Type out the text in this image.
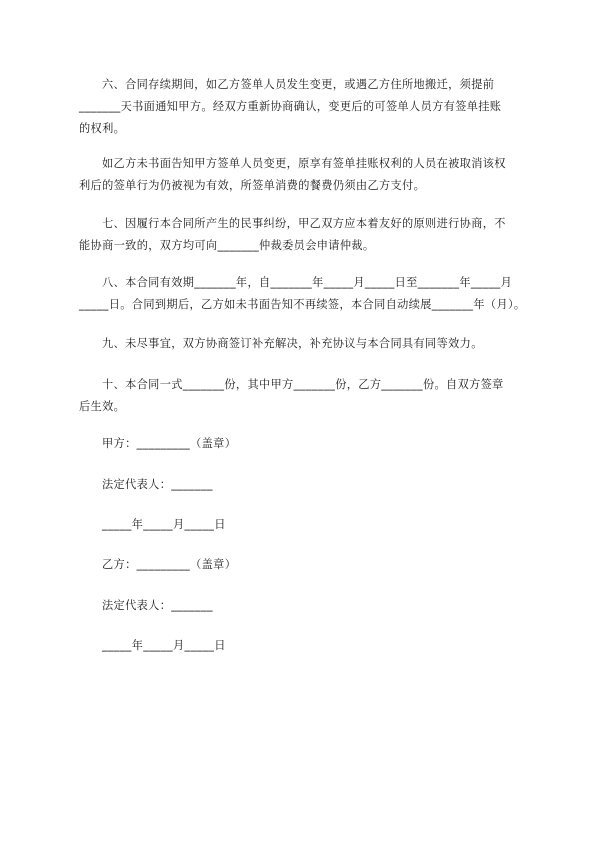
六、合同存续期间，如乙方签单人员发生变更，或遇乙方住所地搬迁，须提前
_______天书面通知甲方。经双方重新协商确认，变更后的可签单人员方有签单挂账
的权利。
如乙方未书面告知甲方签单人员变更，原享有签单挂账权利的人员在被取消该权
利后的签单行为仍被视为有效，所签单消费的餐费仍须由乙方支付。
七、因履行本合同所产生的民事纠纷，甲乙双方应本着友好的原则进行协商，不
能协商一致的，双方均可向_______仲裁委员会申请仲裁。
八、本合同有效期_______年，自_______年_____月_____日至_______年_____月
_____日。合同到期后，乙方如未书面告知不再续签，本合同自动续展_______年（月）。
九、未尽事宜，双方协商签订补充解决，补充协议与本合同具有同等效力。
十、本合同一式_______份，其中甲方_______份，乙方_______份。自双方签章
后生效。
甲方：_________（盖章）
法定代表人：_______
_____年_____月_____日
乙方：_________（盖章）
法定代表人：_______
_____年_____月_____日
